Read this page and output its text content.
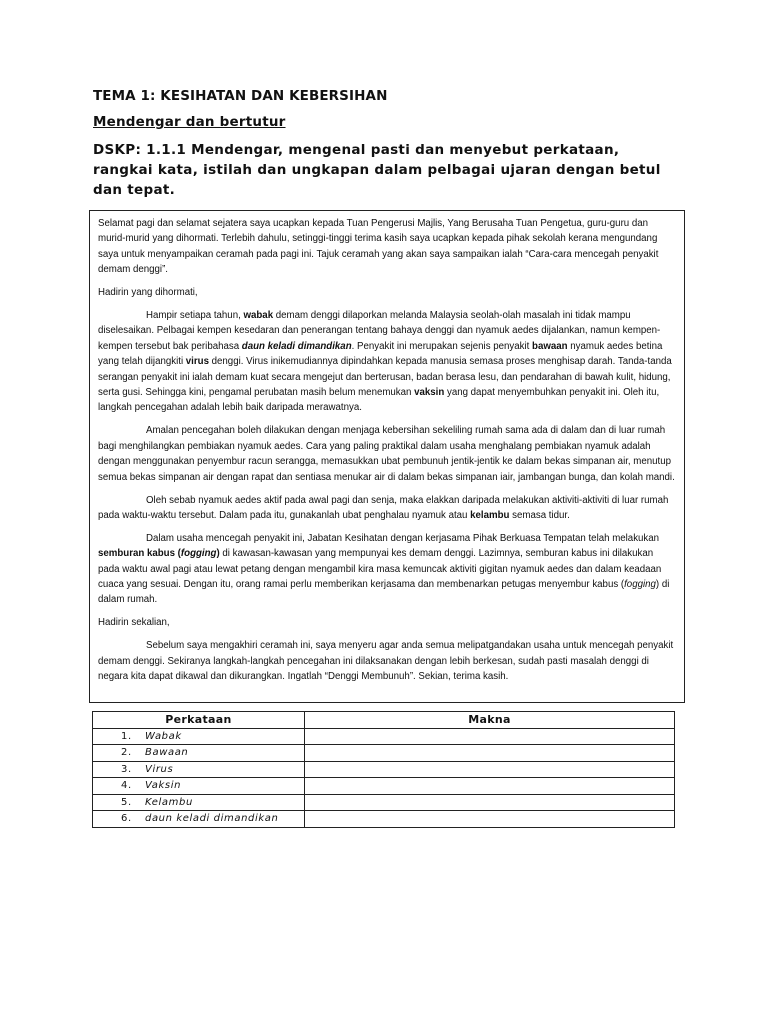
TEMA 1: KESIHATAN DAN KEBERSIHAN
Mendengar dan bertutur
DSKP: 1.1.1 Mendengar, mengenal pasti dan menyebut perkataan, rangkai kata, istilah dan ungkapan dalam pelbagai ujaran dengan betul dan tepat.

Selamat pagi dan selamat sejatera saya ucapkan kepada Tuan Pengerusi Majlis, Yang Berusaha Tuan Pengetua, guru-guru dan murid-murid yang dihormati. Terlebih dahulu, setinggi-tinggi terima kasih saya ucapkan kepada pihak sekolah kerana mengundang saya untuk menyampaikan ceramah pada pagi ini. Tajuk ceramah yang akan saya sampaikan ialah “Cara-cara mencegah penyakit demam denggi”.

Hadirin yang dihormati,

Hampir setiapa tahun, wabak demam denggi dilaporkan melanda Malaysia seolah-olah masalah ini tidak mampu diselesaikan. Pelbagai kempen kesedaran dan penerangan tentang bahaya denggi dan nyamuk aedes dijalankan, namun kempen-kempen tersebut bak peribahasa daun keladi dimandikan. Penyakit ini merupakan sejenis penyakit bawaan nyamuk aedes betina yang telah dijangkiti virus denggi. Virus inikemudiannya dipindahkan kepada manusia semasa proses menghisap darah. Tanda-tanda serangan penyakit ini ialah demam kuat secara mengejut dan berterusan, badan berasa lesu, dan pendarahan di bawah kulit, hidung, serta gusi. Sehingga kini, pengamal perubatan masih belum menemukan vaksin yang dapat menyembuhkan penyakit ini. Oleh itu, langkah pencegahan adalah lebih baik daripada merawatnya.

Amalan pencegahan boleh dilakukan dengan menjaga kebersihan sekeliling rumah sama ada di dalam dan di luar rumah bagi menghilangkan pembiakan nyamuk aedes. Cara yang paling praktikal dalam usaha menghalang pembiakan nyamuk adalah dengan menggunakan penyembur racun serangga, memasukkan ubat pembunuh jentik-jentik ke dalam bekas simpanan air, menutup semua bekas simpanan air dengan rapat dan sentiasa menukar air di dalam bekas simpanan iair, jambangan bunga, dan kolah mandi.

Oleh sebab nyamuk aedes aktif pada awal pagi dan senja, maka elakkan daripada melakukan aktiviti-aktiviti di luar rumah pada waktu-waktu tersebut. Dalam pada itu, gunakanlah ubat penghalau nyamuk atau kelambu semasa tidur.

Dalam usaha mencegah penyakit ini, Jabatan Kesihatan dengan kerjasama Pihak Berkuasa Tempatan telah melakukan semburan kabus (fogging) di kawasan-kawasan yang mempunyai kes demam denggi. Lazimnya, semburan kabus ini dilakukan pada waktu awal pagi atau lewat petang dengan mengambil kira masa kemuncak aktiviti gigitan nyamuk aedes dan dalam keadaan cuaca yang sesuai. Dengan itu, orang ramai perlu memberikan kerjasama dan membenarkan petugas menyembur kabus (fogging) di dalam rumah.

Hadirin sekalian,

Sebelum saya mengakhiri ceramah ini, saya menyeru agar anda semua melipatgandakan usaha untuk mencegah penyakit demam denggi. Sekiranya langkah-langkah pencegahan ini dilaksanakan dengan lebih berkesan, sudah pasti masalah denggi di negara kita dapat dikawal dan dikurangkan. Ingatlah “Denggi Membunuh”. Sekian, terima kasih.

Perkataan	Makna
1. Wabak	
2. Bawaan	
3. Virus	
4. Vaksin	
5. Kelambu	
6. daun keladi dimandikan	
